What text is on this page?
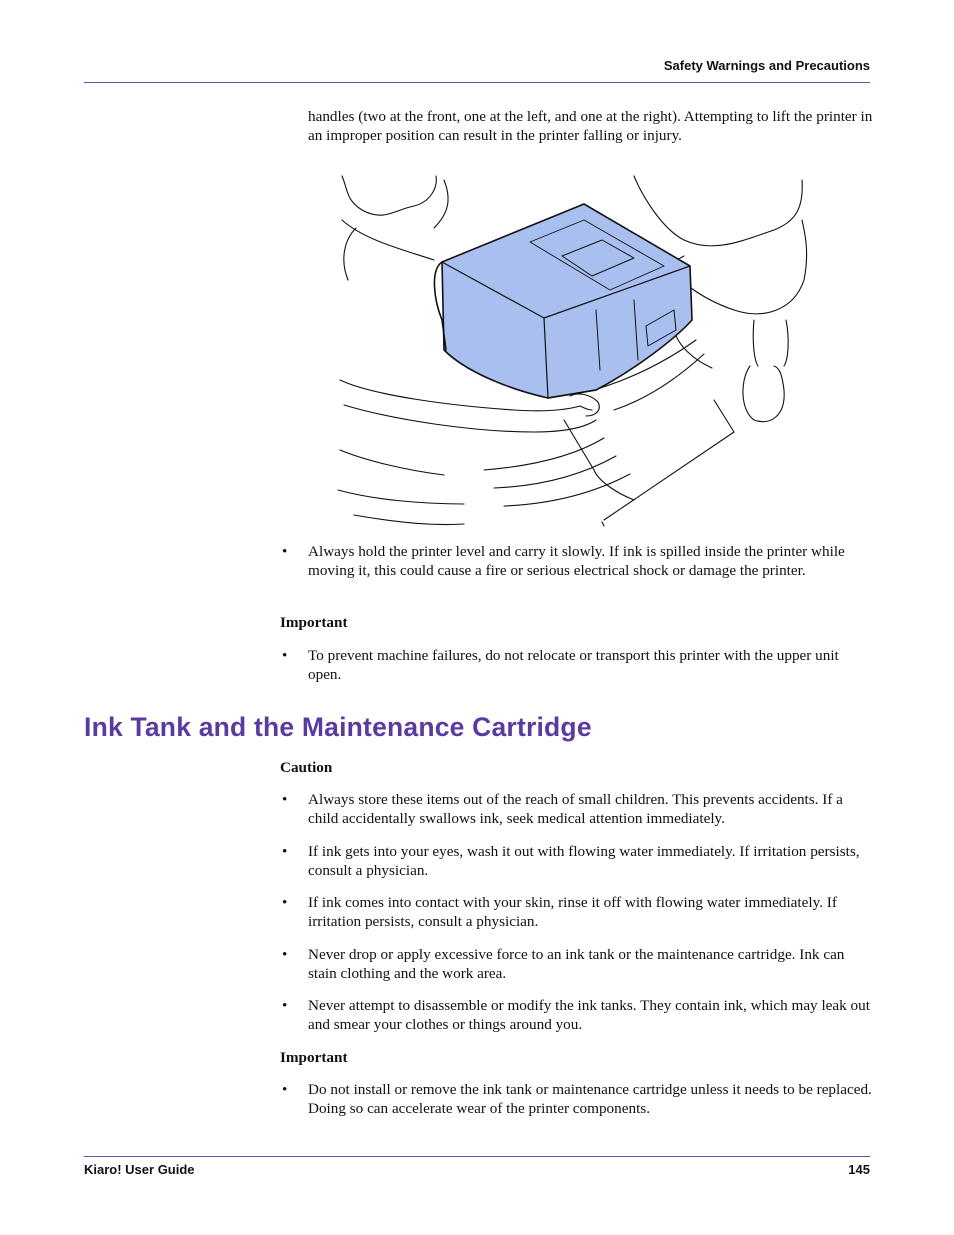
Safety Warnings and Precautions

handles (two at the front, one at the left, and one at the right). Attempting to lift the printer in an improper position can result in the printer falling or injury.

•	Always hold the printer level and carry it slowly. If ink is spilled inside the printer while moving it, this could cause a fire or serious electrical shock or damage the printer.
Important
•	To prevent machine failures, do not relocate or transport this printer with the upper unit open.
Ink Tank and the Maintenance Cartridge
Caution
•	Always store these items out of the reach of small children. This prevents accidents. If a child accidentally swallows ink, seek medical attention immediately.
•	If ink gets into your eyes, wash it out with flowing water immediately. If irritation persists, consult a physician.
•	If ink comes into contact with your skin, rinse it off with flowing water immediately. If irritation persists, consult a physician.
•	Never drop or apply excessive force to an ink tank or the maintenance cartridge. Ink can stain clothing and the work area.
•	Never attempt to disassemble or modify the ink tanks. They contain ink, which may leak out and smear your clothes or things around you.
Important
•	Do not install or remove the ink tank or maintenance cartridge unless it needs to be replaced. Doing so can accelerate wear of the printer components.
Kiaro! User Guide	145
